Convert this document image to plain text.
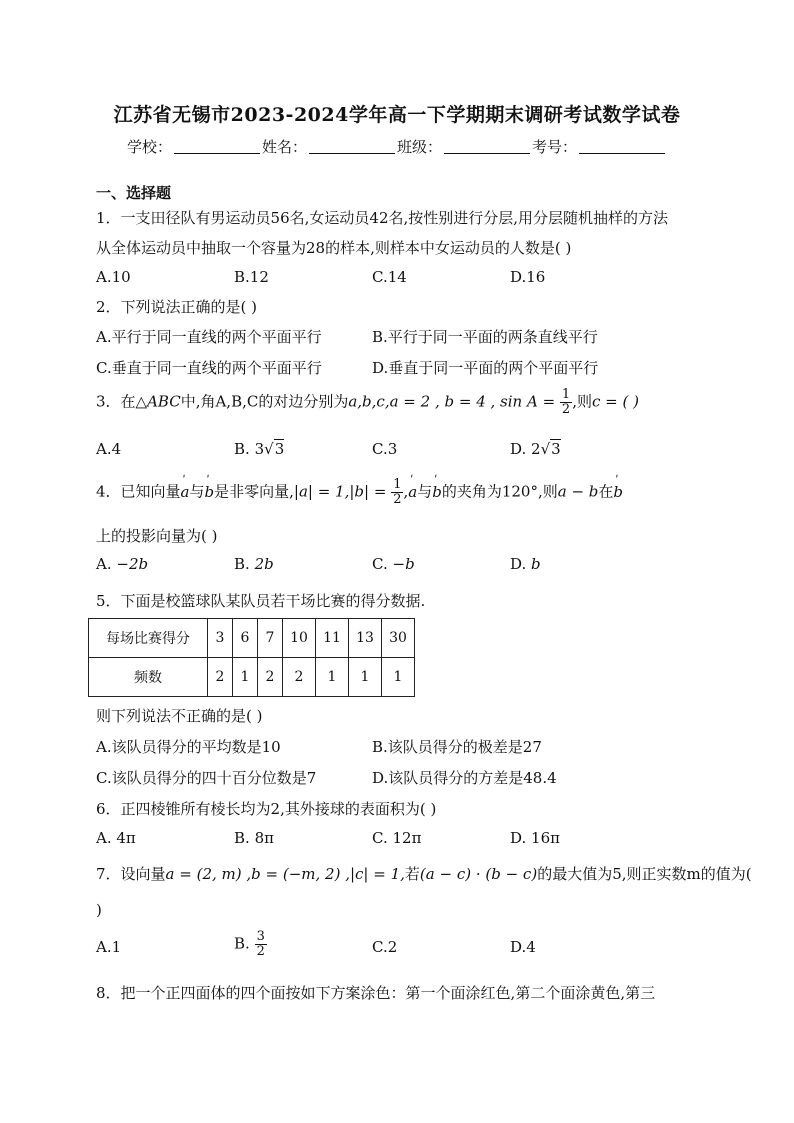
江苏省无锡市2023-2024学年高一下学期期末调研考试数学试卷
学校：	姓名：	班级：	考号：
一、选择题
1．一支田径队有男运动员56名,女运动员42名,按性别进行分层,用分层随机抽样的方法
从全体运动员中抽取一个容量为28的样本,则样本中女运动员的人数是( )
A.10	B.12	C.14	D.16
2．下列说法正确的是( )
A.平行于同一直线的两个平面平行	B.平行于同一平面的两条直线平行
C.垂直于同一直线的两个平面平行	D.垂直于同一平面的两个平面平行
3．在△ABC中,角A,B,C的对边分别为a,b,c,a = 2 , b = 4 , $\sin A = \frac{1}{2}$ ,则c = ( )
A.4	B. 3√3	C.3	D. 2√3
4．已知向量ʹ a与ʹ b是非零向量$,|a| = 1,|b| = \frac{1}{2}$ ,ʹ a与ʹ b的夹角为120°,则a − b在ʹ b
上的投影向量为( )
A. −2b	B. 2b	C. −b	D. b
5．下面是校篮球队某队员若干场比赛的得分数据.
每场比赛得分	3	6	7	10	11	13	30
频数	2	1	2	2	1	1	1
则下列说法不正确的是( )
A.该队员得分的平均数是10	B.该队员得分的极差是27
C.该队员得分的四十百分位数是7	D.该队员得分的方差是48.4
6．正四棱锥所有棱长均为2,其外接球的表面积为( )
A. 4π	B. 8π	C. 12π	D. 16π
7．设向量a = (2, m) ,b = (−m, 2) ,|c| = 1,若(a − c) · (b − c)的最大值为5,则正实数m的值为(
)
A.1	B. $\frac{3}{2}$	C.2	D.4
8．把一个正四面体的四个面按如下方案涂色：第一个面涂红色,第二个面涂黄色,第三
